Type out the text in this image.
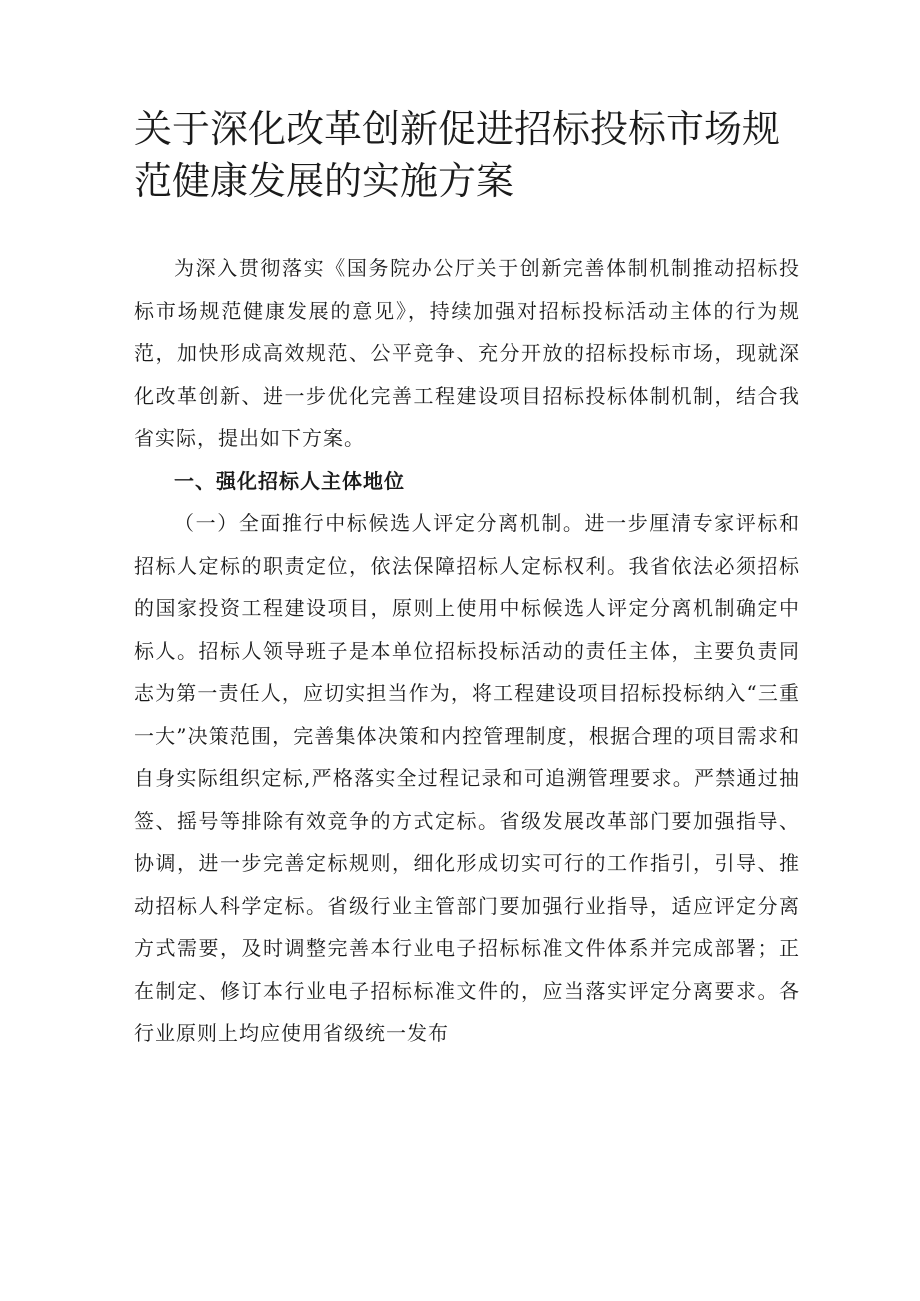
关于深化改革创新促进招标投标市场规范健康发展的实施方案

为深入贯彻落实《国务院办公厅关于创新完善体制机制推动招标投标市场规范健康发展的意见》，持续加强对招标投标活动主体的行为规范，加快形成高效规范、公平竞争、充分开放的招标投标市场，现就深化改革创新、进一步优化完善工程建设项目招标投标体制机制，结合我省实际，提出如下方案。

一、强化招标人主体地位

（一）全面推行中标候选人评定分离机制。进一步厘清专家评标和招标人定标的职责定位，依法保障招标人定标权利。我省依法必须招标的国家投资工程建设项目，原则上使用中标候选人评定分离机制确定中标人。招标人领导班子是本单位招标投标活动的责任主体，主要负责同志为第一责任人，应切实担当作为，将工程建设项目招标投标纳入“三重一大”决策范围，完善集体决策和内控管理制度，根据合理的项目需求和自身实际组织定标,严格落实全过程记录和可追溯管理要求。严禁通过抽签、摇号等排除有效竞争的方式定标。省级发展改革部门要加强指导、协调，进一步完善定标规则，细化形成切实可行的工作指引，引导、推动招标人科学定标。省级行业主管部门要加强行业指导，适应评定分离方式需要，及时调整完善本行业电子招标标准文件体系并完成部署；正在制定、修订本行业电子招标标准文件的，应当落实评定分离要求。各行业原则上均应使用省级统一发布
